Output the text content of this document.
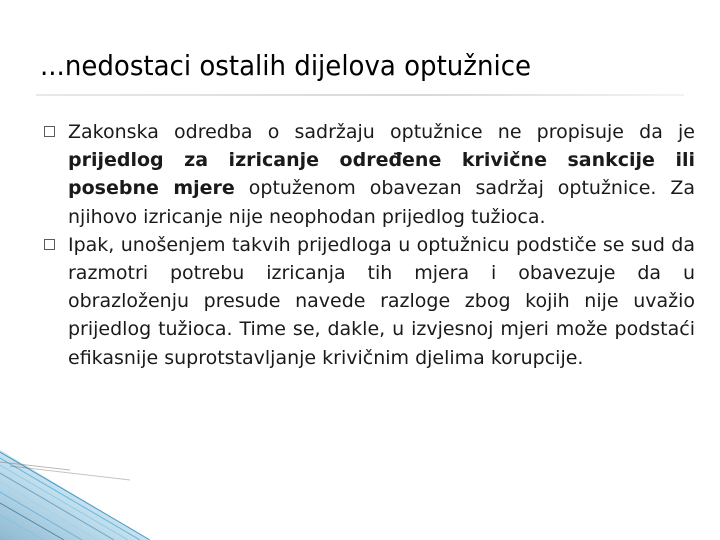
...nedostaci ostalih dijelova optužnice

Zakonska odredba o sadržaju optužnice ne propisuje da je prijedlog za izricanje određene krivične sankcije ili posebne mjere optuženom obavezan sadržaj optužnice. Za njihovo izricanje nije neophodan prijedlog tužioca.

Ipak, unošenjem takvih prijedloga u optužnicu podstiče se sud da razmotri potrebu izricanja tih mjera i obavezuje da u obrazloženju presude navede razloge zbog kojih nije uvažio prijedlog tužioca. Time se, dakle, u izvjesnoj mjeri može podstaći efikasnije suprotstavljanje krivičnim djelima korupcije.
